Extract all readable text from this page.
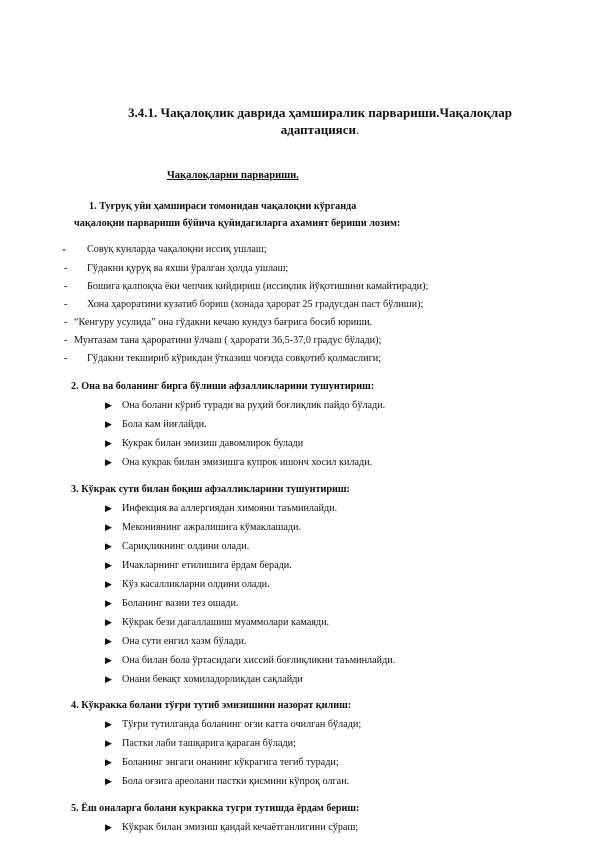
3.4.1. Чақалоқлик даврида ҳамширалик парвариши.Чақалоқлар
адаптацияси.
Чақалоқларни парвариши.
1. Туғруқ уйи ҳамшираси томонидан чақалоқни кўрганда
чақалоқни парвариши бўйича қуйидагиларга ахамият бериши лозим:
- Совуқ кунларда чақалоқни иссиқ ушлаш;
- Гўдакни қуруқ ва яхши ўралган ҳолда ушлаш;
- Бошига қалпоқча ёки чепчик кийдириш (иссиқлик йўқотишини камайтиради);
- Хона ҳароратини кузатиб бориш (хонада ҳарорат 25 градусдан паст бўлиши);
- “Кенгуру усулида” она гўдакни кечаю кундуз бағрига босиб юриши.
- Мунтазам тана ҳароратини ўлчаш ( ҳарорати 36,5-37,0 градус бўлади);
- Гўдакни текшириб кўрикдан ўтказиш чоғида совқотиб қолмаслиги;
2. Она ва боланинг бирга бўлиши афзалликларини тушунтириш:
▶ Она болани кўриб туради ва руҳий боғлиқлик пайдо бўлади.
▶ Бола кам йиғлайди.
▶ Кукрак билан эмизиш давомлирок булади
▶ Она кукрак билан эмизишга купрок ишонч хосил килади.
3. Кўкрак сути билан боқиш афзалликларини тушунтириш:
▶ Инфекция ва аллергиядан химояни таъминлайди.
▶ Мекониянинг ажралишига кўмаклашади.
▶ Сариқликнинг олдини олади.
▶ Ичакларнинг етилишига ёрдам беради.
▶ Кўз касалликларни олдини олади.
▶ Боланинг вазни тез ошади.
▶ Кўкрак бези дагаллашиш муаммолари камаяди.
▶ Она сути енгил хазм бўлади.
▶ Она билан бола ўртасидаги хиссий боғлиқликни таъминлайди.
▶ Онани бевақт хомиладорликдан сақлайди
4. Кўкракка болани тўғри тутиб эмизишини назорат қилиш:
▶ Тўғри тутилганда боланинг оғзи катта очилган бўлади;
▶ Пастки лаби ташқарига қараган бўлади;
▶ Боланинг энгаги онанинг кўкрагига тегиб туради;
▶ Бола оғзига ареолани пастки қисмини кўпроқ олган.
5. Ёш оналарга болани кукракка тугри тутишда ёрдам бериш:
▶ Кўкрак билан эмизиш қандай кечаётганлигини сўраш;
